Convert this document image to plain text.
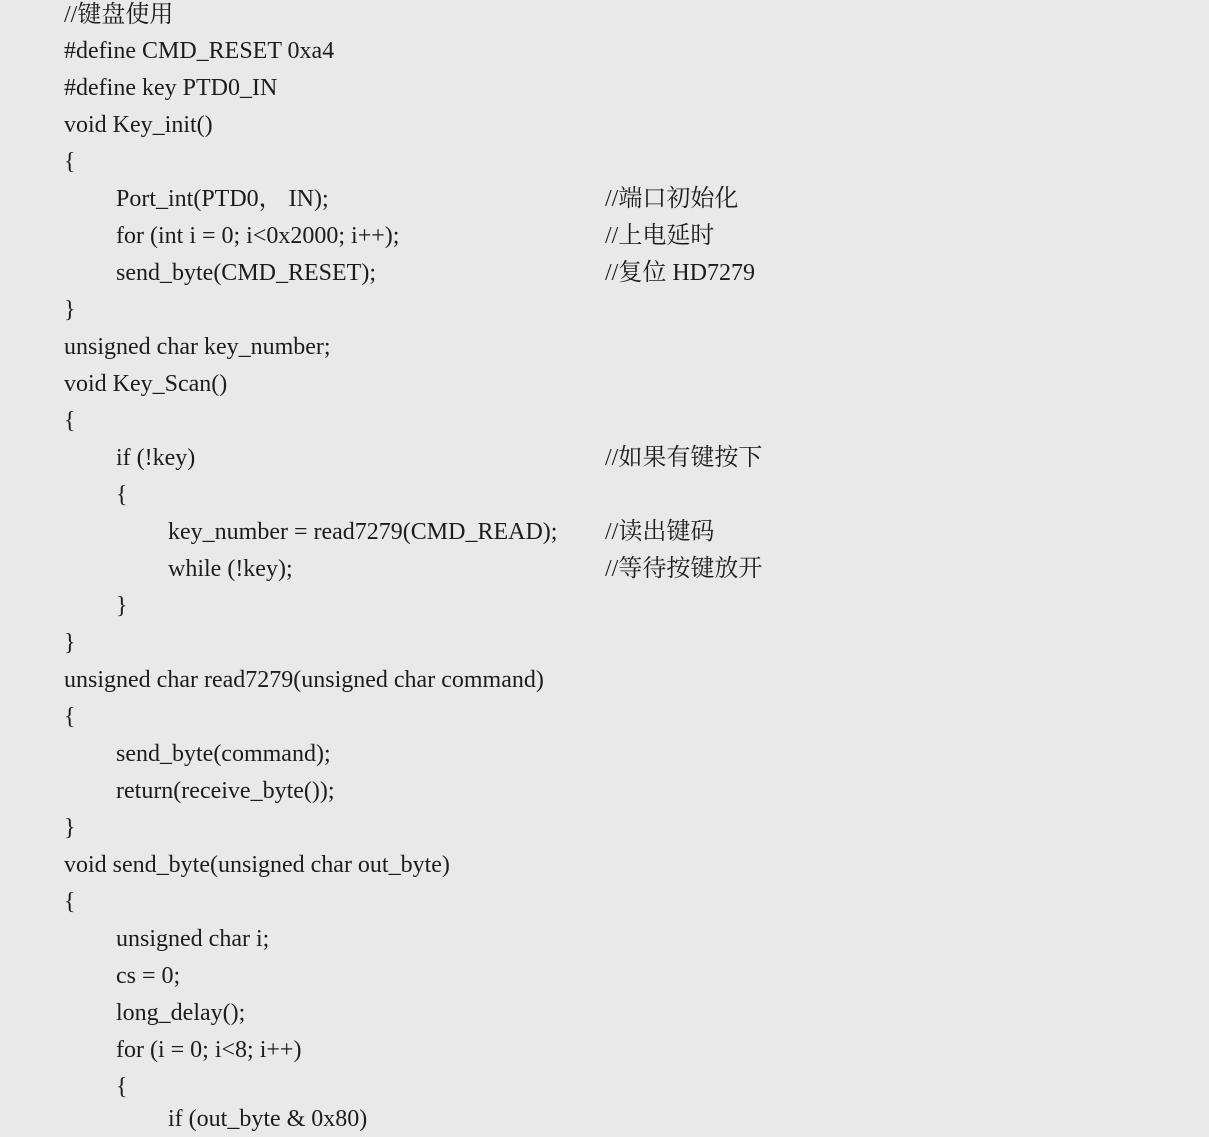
//键盘使用
#define CMD_RESET 0xa4
#define key PTD0_IN
void Key_init()
{
Port_int(PTD0， IN);	//端口初始化
for (int i = 0; i<0x2000; i++);	//上电延时
send_byte(CMD_RESET);	//复位 HD7279
}
unsigned char key_number;
void Key_Scan()
{
if (!key)	//如果有键按下
{
key_number = read7279(CMD_READ); //读出键码
while (!key);	//等待按键放开
}
}
unsigned char read7279(unsigned char command)
{
send_byte(command);
return(receive_byte());
}
void send_byte(unsigned char out_byte)
{
unsigned char i;
cs = 0;
long_delay();
for (i = 0; i<8; i++)
{
if (out_byte & 0x80)
